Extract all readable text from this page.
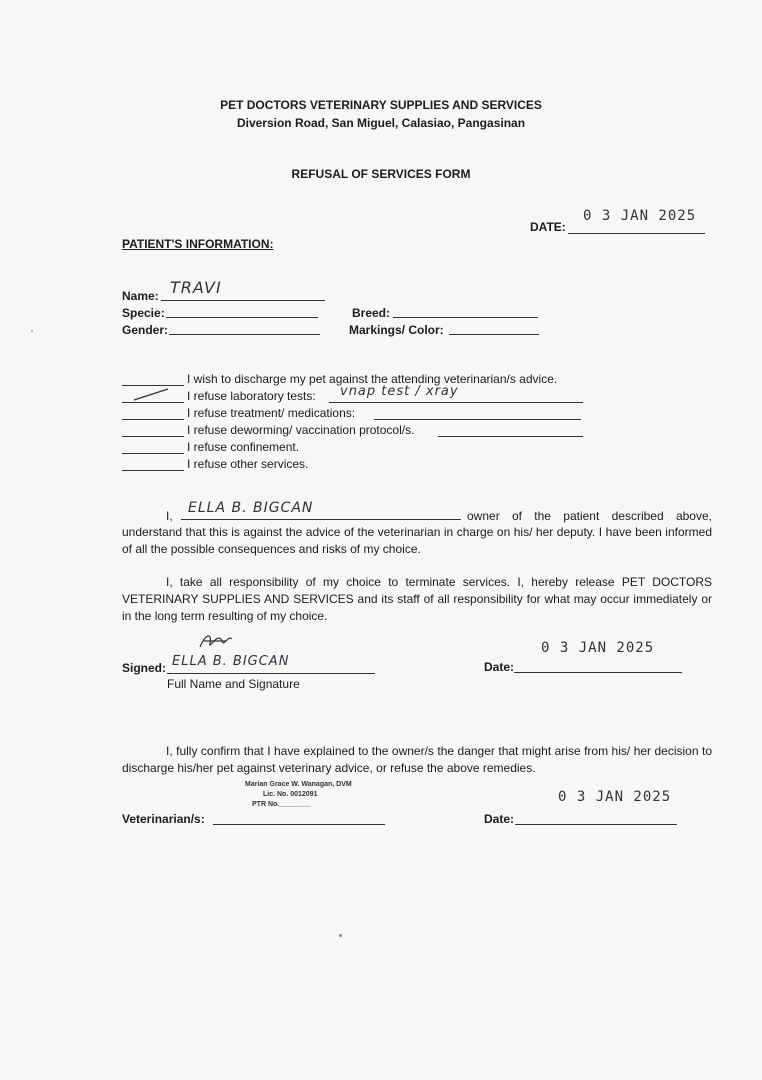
PET DOCTORS VETERINARY SUPPLIES AND SERVICES
Diversion Road, San Miguel, Calasiao, Pangasinan
REFUSAL OF SERVICES FORM
DATE:
0 3 JAN 2025
PATIENT'S INFORMATION:
Name: TRAVI
Specie:
Gender:
Breed:
Markings/ Color:
I wish to discharge my pet against the attending veterinarian/s advice.
I refuse laboratory tests: vnap test / xray
I refuse treatment/ medications:
I refuse deworming/ vaccination protocol/s.
I refuse confinement.
I refuse other services.
I, ELLA B. BIGCAN	owner of the patient described above,
understand that this is against the advice of the veterinarian in charge on his/ her deputy. I have been informed of all the possible consequences and risks of my choice.
I, take all responsibility of my choice to terminate services. I, hereby release PET DOCTORS VETERINARY SUPPLIES AND SERVICES and its staff of all responsibility for what may occur immediately or in the long term resulting of my choice.
Signed: ELLA B. BIGCAN
Full Name and Signature
Date:
0 3 JAN 2025
I, fully confirm that I have explained to the owner/s the danger that might arise from his/ her decision to discharge his/her pet against veterinary advice, or refuse the above remedies.
Marian Grace W. Wanagan, DVM
Lic. No. 0012091
PTR No.________
Veterinarian/s:	Date:
0 3 JAN 2025
